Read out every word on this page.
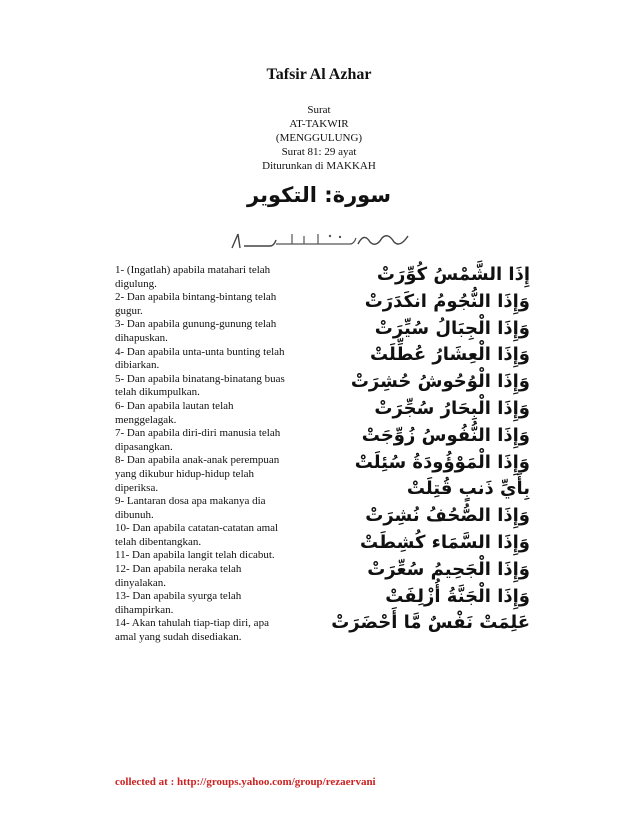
Tafsir Al Azhar
Surat
AT-TAKWIR
(MENGGULUNG)
Surat 81: 29 ayat
Diturunkan di MAKKAH
سورة: التكوير

1- (Ingatlah) apabila matahari telah digulung.

2- Dan apabila bintang-bintang telah gugur.

3- Dan apabila gunung-gunung telah dihapuskan.

4- Dan apabila unta-unta bunting telah dibiarkan.

5- Dan apabila binatang-binatang buas telah dikumpulkan.

6- Dan apabila lautan telah menggelagak.

7- Dan apabila diri-diri manusia telah dipasangkan.

8- Dan apabila anak-anak perempuan yang dikubur hidup-hidup telah diperiksa.

9- Lantaran dosa apa makanya dia dibunuh.

10- Dan apabila catatan-catatan amal telah dibentangkan.

11- Dan apabila langit telah dicabut.

12- Dan apabila neraka telah dinyalakan.

13- Dan apabila syurga telah dihampirkan.

14- Akan tahulah tiap-tiap diri, apa amal yang sudah disediakan.

إِذَا الشَّمْسُ كُوِّرَتْ
وَإِذَا النُّجُومُ انكَدَرَتْ
وَإِذَا الْجِبَالُ سُيِّرَتْ
وَإِذَا الْعِشَارُ عُطِّلَتْ
وَإِذَا الْوُحُوشُ حُشِرَتْ
وَإِذَا الْبِحَارُ سُجِّرَتْ
وَإِذَا النُّفُوسُ زُوِّجَتْ
وَإِذَا الْمَوْؤُودَةُ سُئِلَتْ
بِأَيِّ ذَنبٍ قُتِلَتْ
وَإِذَا الصُّحُفُ نُشِرَتْ
وَإِذَا السَّمَاء كُشِطَتْ
وَإِذَا الْجَحِيمُ سُعِّرَتْ
وَإِذَا الْجَنَّةُ أُزْلِفَتْ
عَلِمَتْ نَفْسٌ مَّا أَحْضَرَتْ
collected at : http://groups.yahoo.com/group/rezaervani
